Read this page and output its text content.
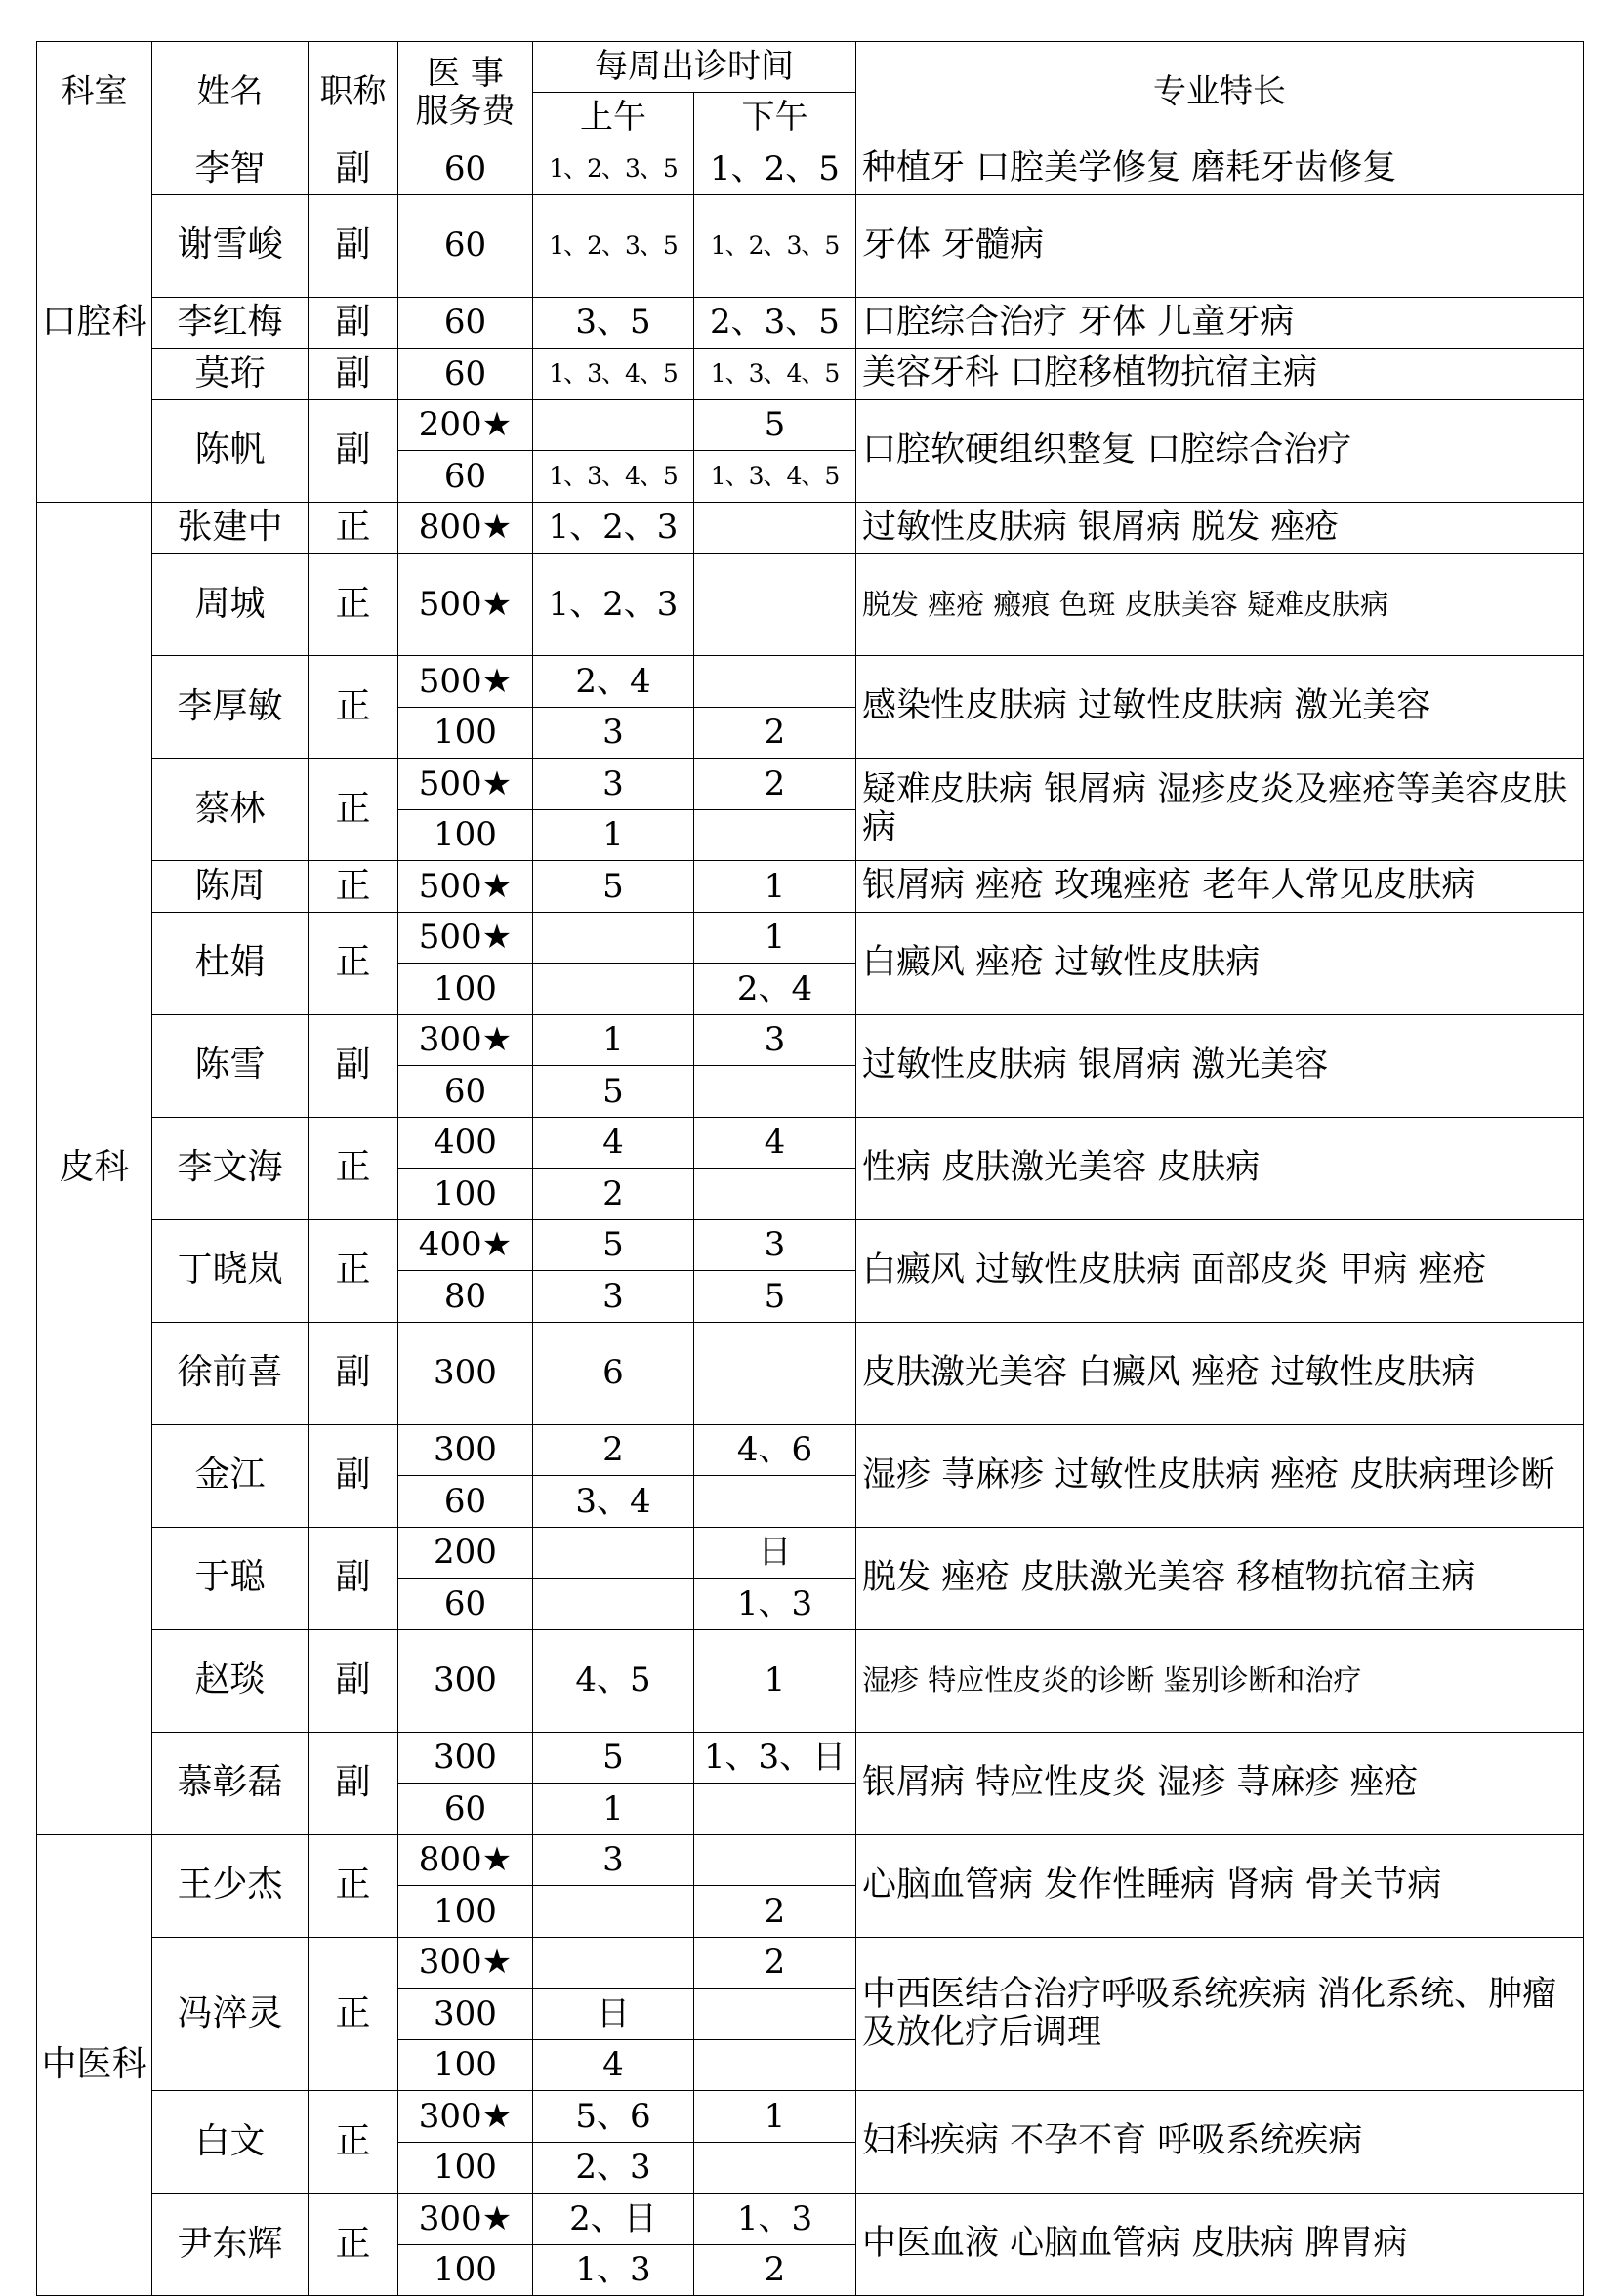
科室	姓名	职称	医 事
服务费	每周出诊时间		专业特长
				上午	下午	
口腔科	李智	副	60	1、2、3、5	1、2、5	种植牙 口腔美学修复 磨耗牙齿修复
	谢雪峻	副	60	1、2、3、5	1、2、3、5	牙体 牙髓病
	李红梅	副	60	3、5	2、3、5	口腔综合治疗 牙体 儿童牙病
	莫珩	副	60	1、3、4、5	1、3、4、5	美容牙科 口腔移植物抗宿主病
	陈帆	副	200★		5	口腔软硬组织整复 口腔综合治疗
			60	1、3、4、5	1、3、4、5	
皮科	张建中	正	800★	1、2、3		过敏性皮肤病 银屑病 脱发 痤疮
	周城	正	500★	1、2、3		脱发 痤疮 瘢痕 色斑 皮肤美容 疑难皮肤病
	李厚敏	正	500★	2、4		感染性皮肤病 过敏性皮肤病 激光美容
			100	3	2	
	蔡林	正	500★	3	2	疑难皮肤病 银屑病 湿疹皮炎及痤疮等美容皮肤病
			100	1		
	陈周	正	500★	5	1	银屑病 痤疮 玫瑰痤疮 老年人常见皮肤病
	杜娟	正	500★		1	白癜风 痤疮 过敏性皮肤病
			100		2、4	
	陈雪	副	300★	1	3	过敏性皮肤病 银屑病 激光美容
			60	5		
	李文海	正	400	4	4	性病 皮肤激光美容 皮肤病
			100	2		
	丁晓岚	正	400★	5	3	白癜风 过敏性皮肤病 面部皮炎 甲病 痤疮
			80	3	5	
	徐前喜	副	300	6		皮肤激光美容 白癜风 痤疮 过敏性皮肤病
	金江	副	300	2	4、6	湿疹 荨麻疹 过敏性皮肤病 痤疮 皮肤病理诊断
			60	3、4		
	于聪	副	200		日	脱发 痤疮 皮肤激光美容 移植物抗宿主病
			60		1、3	
	赵琰	副	300	4、5	1	湿疹 特应性皮炎的诊断 鉴别诊断和治疗
	慕彰磊	副	300	5	1、3、日	银屑病 特应性皮炎 湿疹 荨麻疹 痤疮
			60	1		
中医科	王少杰	正	800★	3		心脑血管病 发作性睡病 肾病 骨关节病
			100		2	
	冯淬灵	正	300★		2	中西医结合治疗呼吸系统疾病 消化系统、肿瘤及放化疗后调理
			300	日		
			100	4		
	白文	正	300★	5、6	1	妇科疾病 不孕不育 呼吸系统疾病
			100	2、3		
	尹东辉	正	300★	2、日	1、3	中医血液 心脑血管病 皮肤病 脾胃病
			100	1、3	2	
